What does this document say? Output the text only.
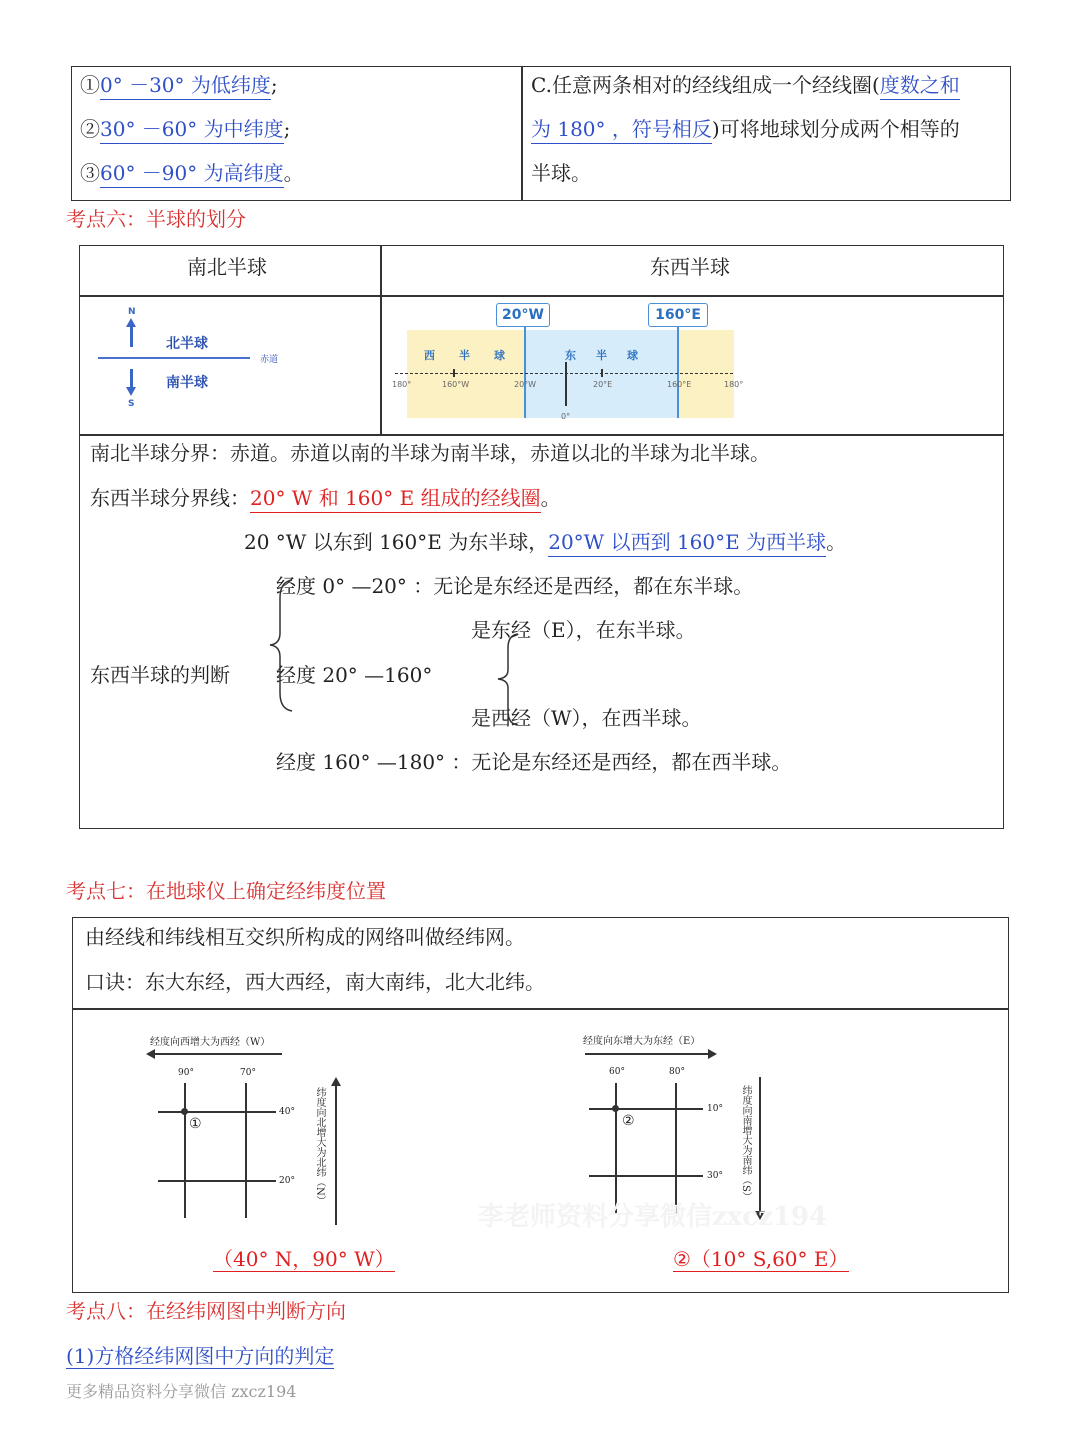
①0° －30° 为低纬度;
②30° －60° 为中纬度;
③60° －90° 为高纬度。
C.任意两条相对的经线组成一个经线圈(度数之和
为 180° ，符号相反)可将地球划分成两个相等的
半球。
考点六：半球的划分
南北半球	东西半球
N
北半球
赤道
南半球
S
20°W	160°E
西 半 球	东 半 球
180°	160°W	20°W
0°
20°E	160°E	180°
南北半球分界：赤道。赤道以南的半球为南半球，赤道以北的半球为北半球。
东西半球分界线：20° W 和 160° E 组成的经线圈。
20 °W 以东到 160°E 为东半球，20°W 以西到 160°E 为西半球。
经度 0° —20° ：无论是东经还是西经，都在东半球。
是东经（E），在东半球。
东西半球的判断 经度 20° —160°
是西经（W），在西半球。
经度 160° —180° ：无论是东经还是西经，都在西半球。
考点七：在地球仪上确定经纬度位置
由经线和纬线相互交织所构成的网络叫做经纬网。
口诀：东大东经，西大西经，南大南纬，北大北纬。
经度向西增大为西经（W）
90°	70°
40°
20°
①	纬度向北增大为北纬（N）
（40° N，90° W）
经度向东增大为东经（E）
60°	80°
10°
30°
②	纬度向南增大为南纬（S）
②（10° S,60° E）
李老师资料分享微信zxcz194
考点八：在经纬网图中判断方向
(1)方格经纬网图中方向的判定
更多精品资料分享微信 zxcz194
